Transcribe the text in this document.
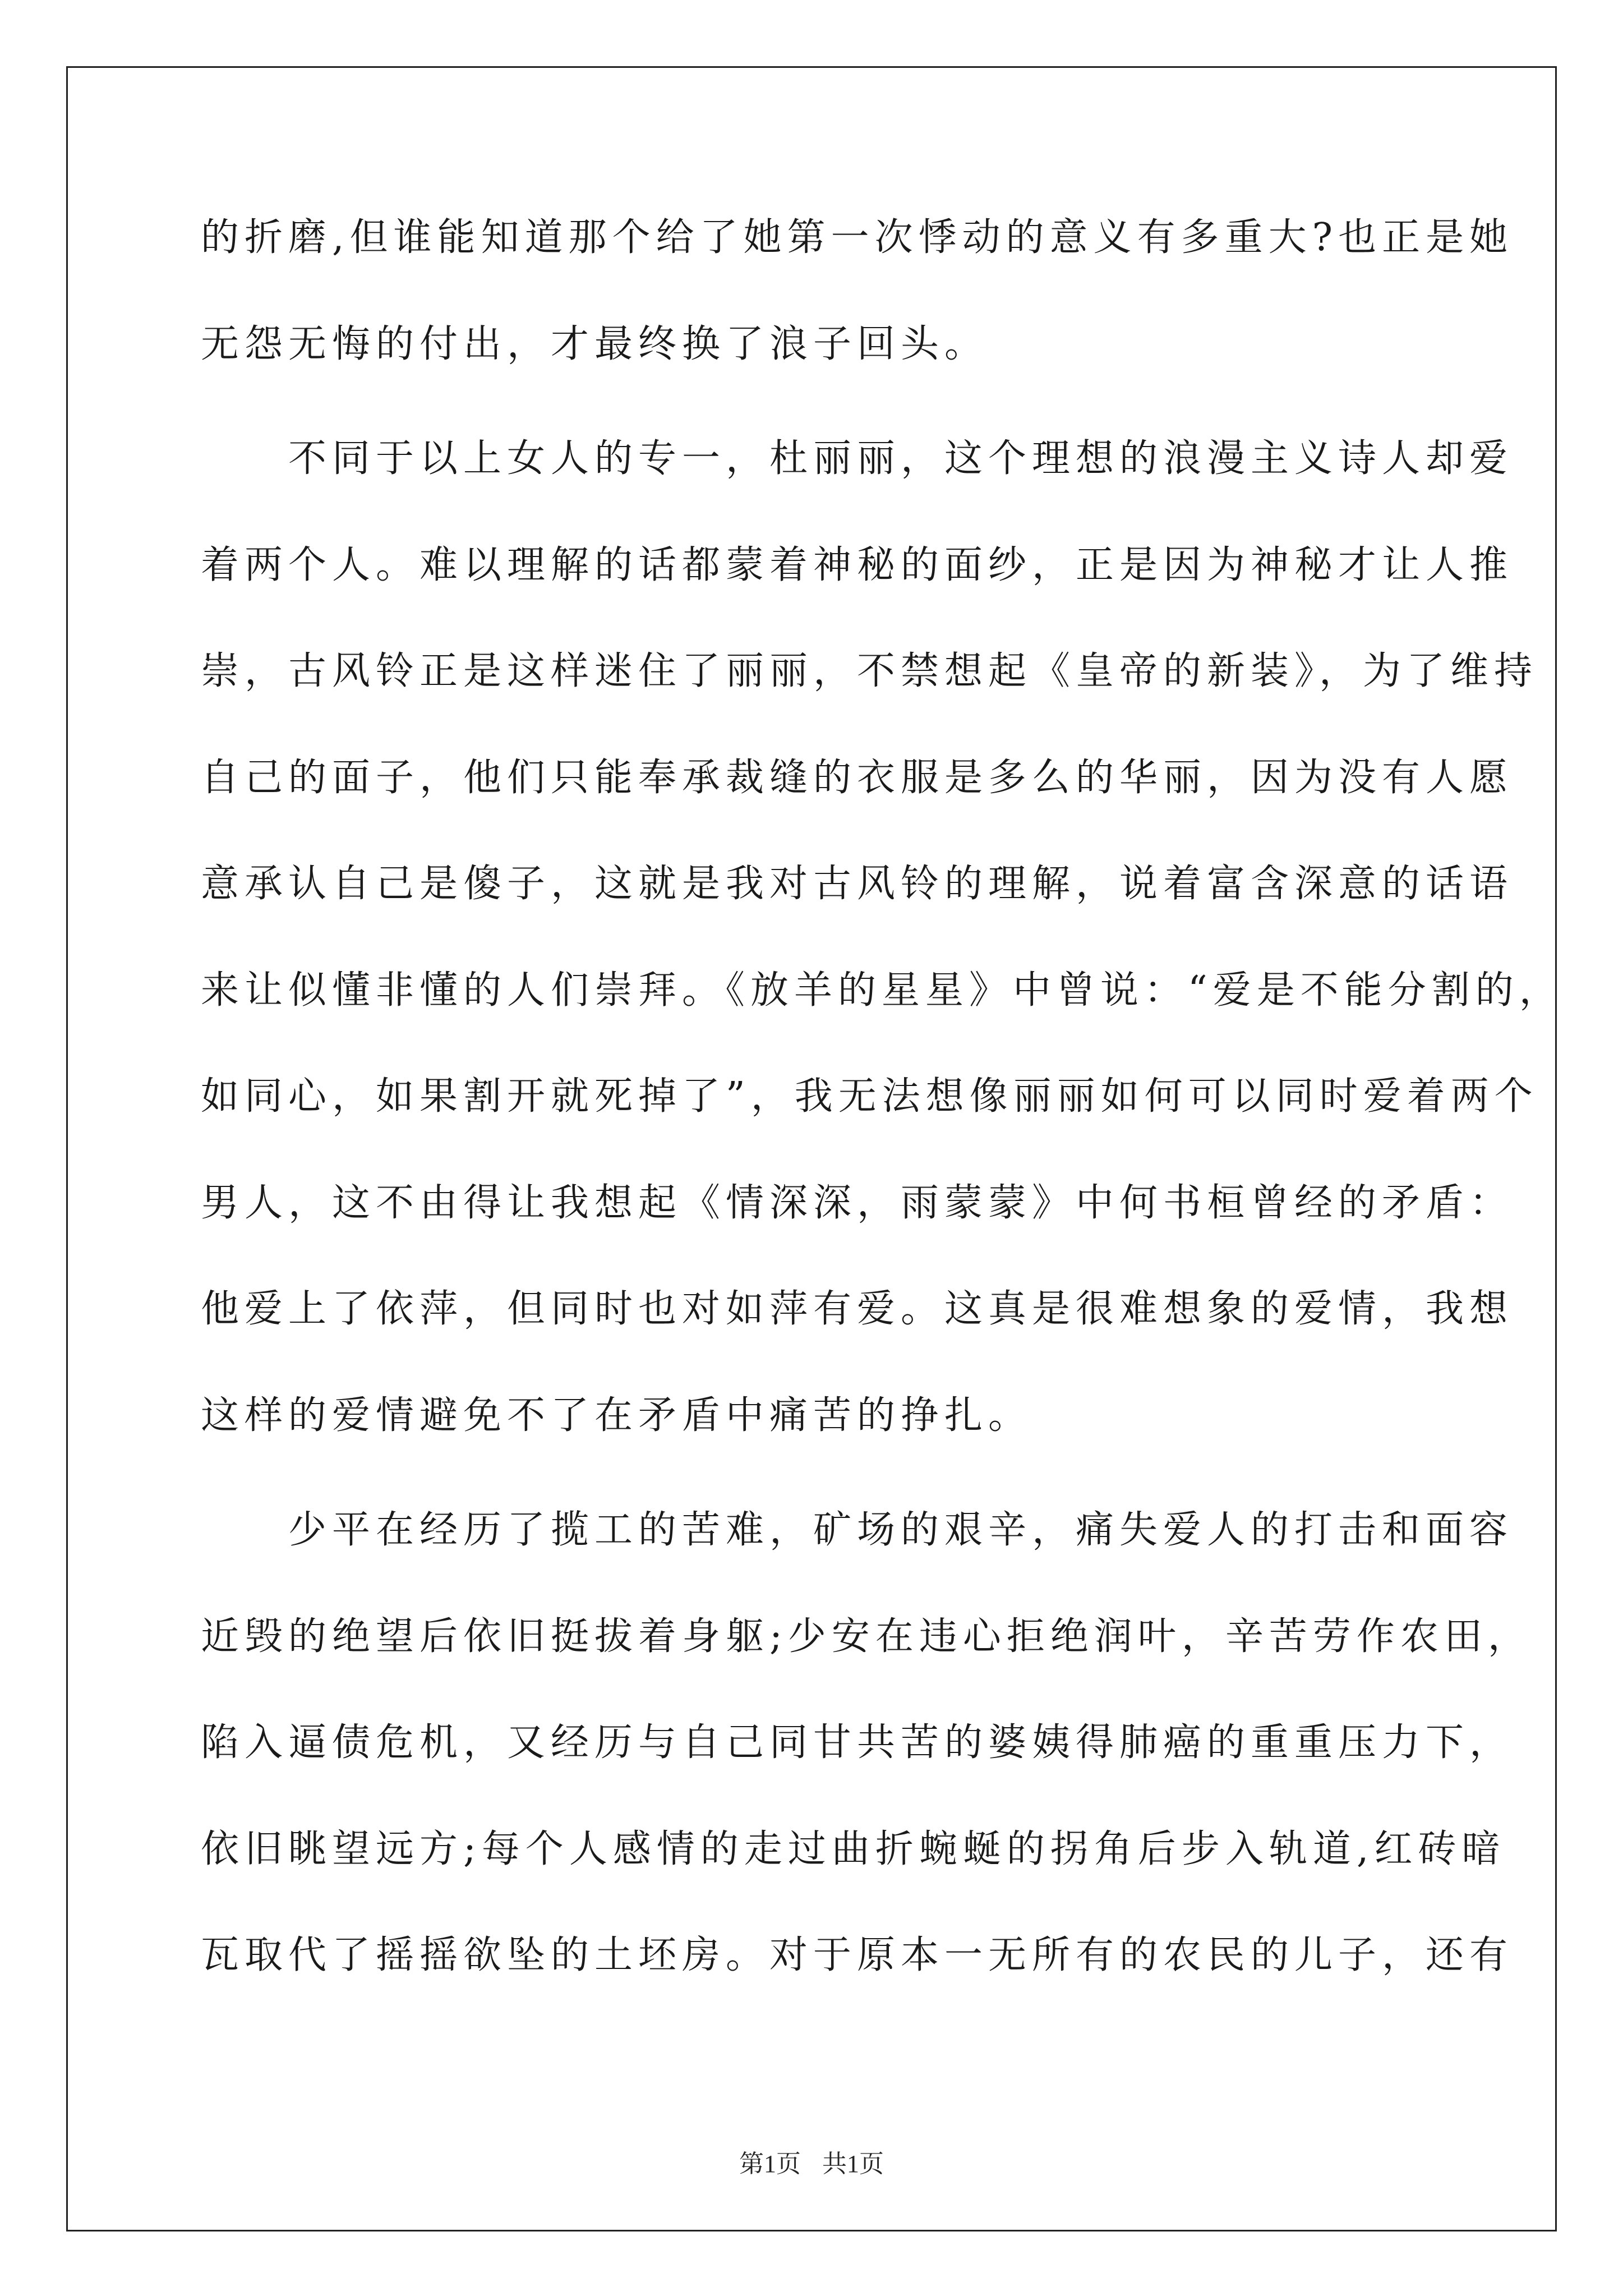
的折磨,但谁能知道那个给了她第一次悸动的意义有多重大?也正是她
无怨无悔的付出，才最终换了浪子回头。
　　不同于以上女人的专一，杜丽丽，这个理想的浪漫主义诗人却爱
着两个人。难以理解的话都蒙着神秘的面纱，正是因为神秘才让人推
崇，古风铃正是这样迷住了丽丽，不禁想起《皇帝的新装》，为了维持
自己的面子，他们只能奉承裁缝的衣服是多么的华丽，因为没有人愿
意承认自己是傻子，这就是我对古风铃的理解，说着富含深意的话语
来让似懂非懂的人们崇拜。《放羊的星星》中曾说：“爱是不能分割的，
如同心，如果割开就死掉了”，我无法想像丽丽如何可以同时爱着两个
男人，这不由得让我想起《情深深，雨蒙蒙》中何书桓曾经的矛盾：
他爱上了依萍，但同时也对如萍有爱。这真是很难想象的爱情，我想
这样的爱情避免不了在矛盾中痛苦的挣扎。
　　少平在经历了揽工的苦难，矿场的艰辛，痛失爱人的打击和面容
近毁的绝望后依旧挺拔着身躯;少安在违心拒绝润叶，辛苦劳作农田，
陷入逼债危机，又经历与自己同甘共苦的婆姨得肺癌的重重压力下，
依旧眺望远方;每个人感情的走过曲折蜿蜒的拐角后步入轨道,红砖暗
瓦取代了摇摇欲坠的土坯房。对于原本一无所有的农民的儿子，还有
第1页 共1页
